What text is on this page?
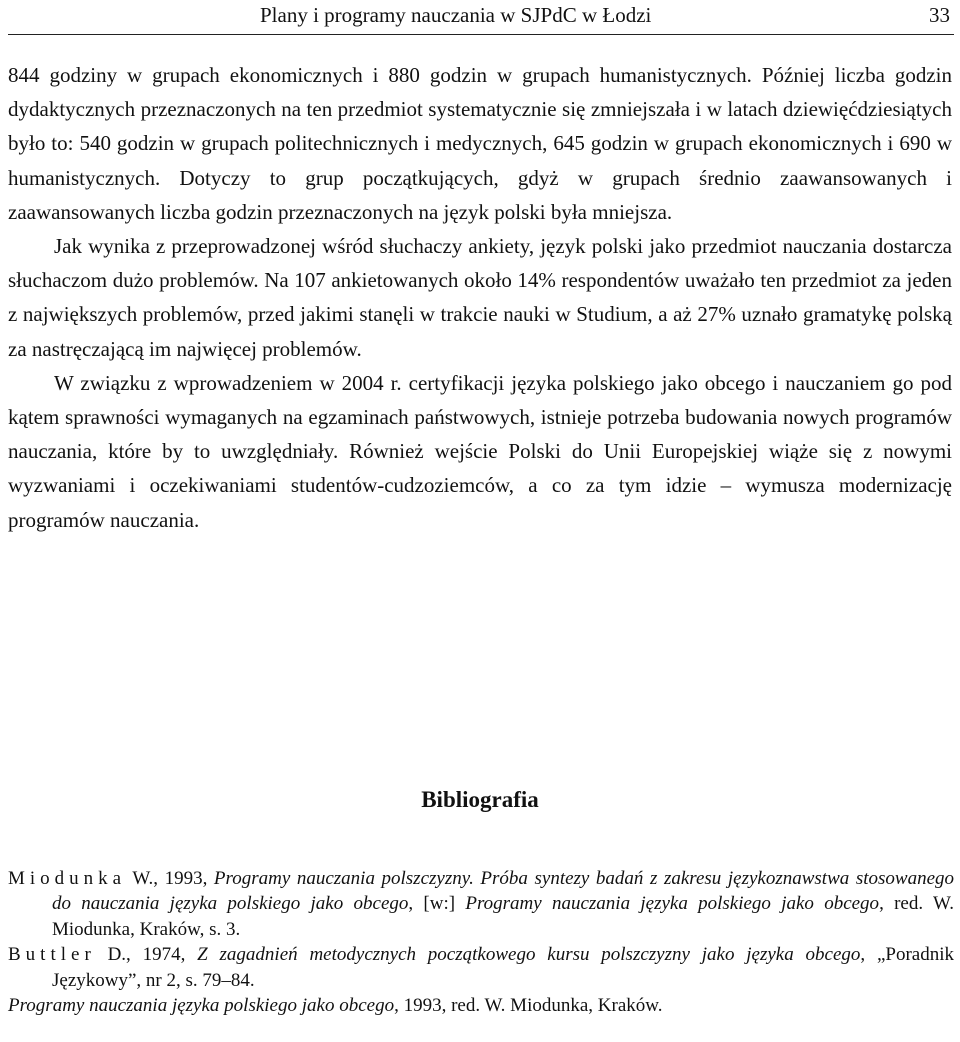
Plany i programy nauczania w SJPdC w Łodzi	33

844 godziny w grupach ekonomicznych i 880 godzin w grupach humanistycznych. Później liczba godzin dydaktycznych przeznaczonych na ten przedmiot systematycznie się zmniejszała i w latach dziewięćdziesiątych było to: 540 godzin w grupach politechnicznych i medycznych, 645 godzin w grupach ekonomicznych i 690 w humanistycznych. Dotyczy to grup początkujących, gdyż w grupach średnio zaawansowanych i zaawansowanych liczba godzin przeznaczonych na język polski była mniejsza.

Jak wynika z przeprowadzonej wśród słuchaczy ankiety, język polski jako przedmiot nauczania dostarcza słuchaczom dużo problemów. Na 107 ankietowanych około 14% respondentów uważało ten przedmiot za jeden z największych problemów, przed jakimi stanęli w trakcie nauki w Studium, a aż 27% uznało gramatykę polską za nastręczającą im najwięcej problemów.

W związku z wprowadzeniem w 2004 r. certyfikacji języka polskiego jako obcego i nauczaniem go pod kątem sprawności wymaganych na egzaminach państwowych, istnieje potrzeba budowania nowych programów nauczania, które by to uwzględniały. Również wejście Polski do Unii Europejskiej wiąże się z nowymi wyzwaniami i oczekiwaniami studentów-cudzoziemców, a co za tym idzie – wymusza modernizację programów nauczania.

Bibliografia

Miodunka W., 1993, Programy nauczania polszczyzny. Próba syntezy badań z zakresu językoznawstwa stosowanego do nauczania języka polskiego jako obcego, [w:] Programy nauczania języka polskiego jako obcego, red. W. Miodunka, Kraków, s. 3.

Buttler D., 1974, Z zagadnień metodycznych początkowego kursu polszczyzny jako języka obcego, „Poradnik Językowy”, nr 2, s. 79–84.

Programy nauczania języka polskiego jako obcego, 1993, red. W. Miodunka, Kraków.
